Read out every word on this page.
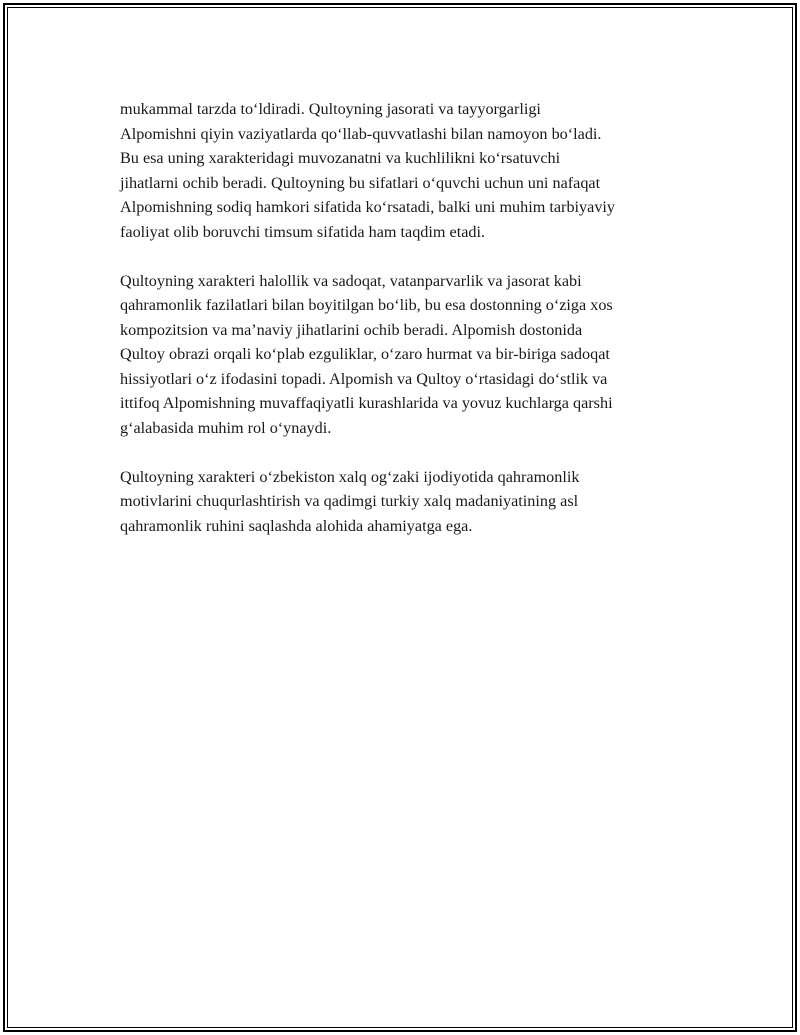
mukammal tarzda to‘ldiradi. Qultoyning jasorati va tayyorgarligi
Alpomishni qiyin vaziyatlarda qo‘llab-quvvatlashi bilan namoyon bo‘ladi.
Bu esa uning xarakteridagi muvozanatni va kuchlilikni ko‘rsatuvchi
jihatlarni ochib beradi. Qultoyning bu sifatlari o‘quvchi uchun uni nafaqat
Alpomishning sodiq hamkori sifatida ko‘rsatadi, balki uni muhim tarbiyaviy
faoliyat olib boruvchi timsum sifatida ham taqdim etadi.

Qultoyning xarakteri halollik va sadoqat, vatanparvarlik va jasorat kabi
qahramonlik fazilatlari bilan boyitilgan bo‘lib, bu esa dostonning o‘ziga xos
kompozitsion va ma’naviy jihatlarini ochib beradi. Alpomish dostonida
Qultoy obrazi orqali ko‘plab ezguliklar, o‘zaro hurmat va bir-biriga sadoqat
hissiyotlari o‘z ifodasini topadi. Alpomish va Qultoy o‘rtasidagi do‘stlik va
ittifoq Alpomishning muvaffaqiyatli kurashlarida va yovuz kuchlarga qarshi
g‘alabasida muhim rol o‘ynaydi.

Qultoyning xarakteri o‘zbekiston xalq og‘zaki ijodiyotida qahramonlik
motivlarini chuqurlashtirish va qadimgi turkiy xalq madaniyatining asl
qahramonlik ruhini saqlashda alohida ahamiyatga ega.
